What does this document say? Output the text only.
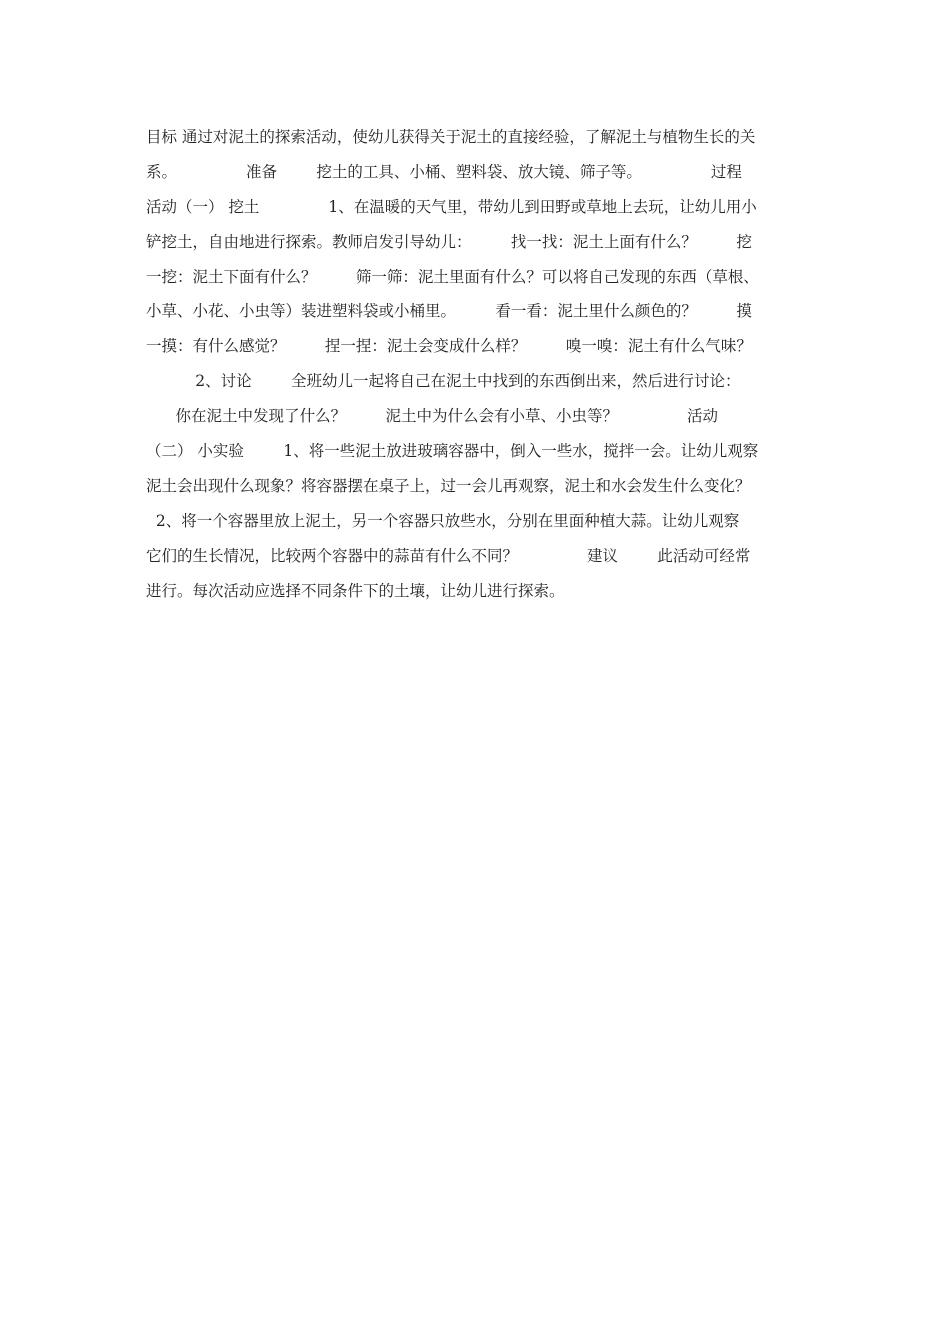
目标 通过对泥土的探索活动，使幼儿获得关于泥土的直接经验，了解泥土与植物生长的关
系。              准备        挖土的工具、小桶、塑料袋、放大镜、筛子等。              过程
活动（一） 挖土              1、在温暖的天气里，带幼儿到田野或草地上去玩，让幼儿用小
铲挖土，自由地进行探索。教师启发引导幼儿：        找一找：泥土上面有什么？        挖
一挖：泥土下面有什么？        筛一筛：泥土里面有什么？可以将自己发现的东西（草根、
小草、小花、小虫等）装进塑料袋或小桶里。        看一看：泥土里什么颜色的？        摸
一摸：有什么感觉？        捏一捏：泥土会变成什么样？        嗅一嗅：泥土有什么气味？
2、讨论        全班幼儿一起将自己在泥土中找到的东西倒出来，然后进行讨论：
你在泥土中发现了什么？        泥土中为什么会有小草、小虫等？              活动
（二） 小实验        1、将一些泥土放进玻璃容器中，倒入一些水，搅拌一会。让幼儿观察
泥土会出现什么现象？将容器摆在桌子上，过一会儿再观察，泥土和水会发生什么变化？
2、将一个容器里放上泥土，另一个容器只放些水，分别在里面种植大蒜。让幼儿观察
它们的生长情况，比较两个容器中的蒜苗有什么不同？              建议        此活动可经常
进行。每次活动应选择不同条件下的土壤，让幼儿进行探索。
